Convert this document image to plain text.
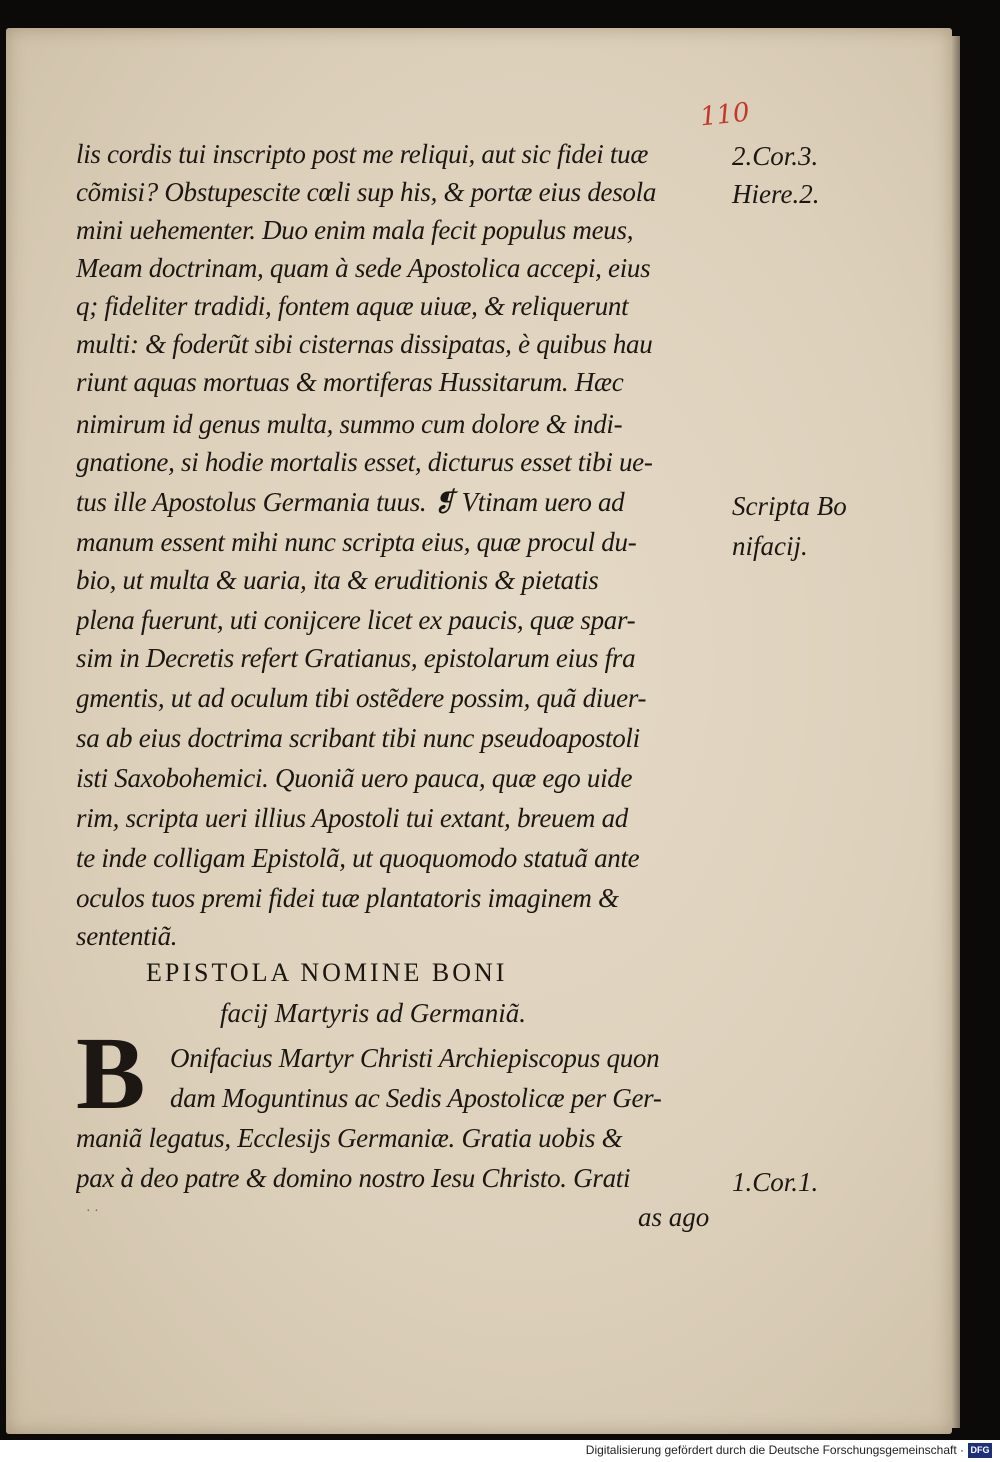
110
lis cordis tui inscripto post me reliqui, aut sic fidei tuæ
cõmisi? Obstupescite cœli sup his, & portæ eius desola
mini uehementer. Duo enim mala fecit populus meus,
Meam doctrinam, quam à sede Apostolica accepi, eius
q; fideliter tradidi, fontem aquæ uiuæ, & reliquerunt
multi: & foderũt sibi cisternas dissipatas, è quibus hau
riunt aquas mortuas & mortiferas Hussitarum. Hæc
nimirum id genus multa, summo cum dolore & indi-
gnatione, si hodie mortalis esset, dicturus esset tibi ue-
tus ille Apostolus Germania tuus. ❡ Vtinam uero ad
manum essent mihi nunc scripta eius, quæ procul du-
bio, ut multa & uaria, ita & eruditionis & pietatis
plena fuerunt, uti conijcere licet ex paucis, quæ spar-
sim in Decretis refert Gratianus, epistolarum eius fra
gmentis, ut ad oculum tibi ostẽdere possim, quã diuer-
sa ab eius doctrima scribant tibi nunc pseudoapostoli
isti Saxobohemici. Quoniã uero pauca, quæ ego uide
rim, scripta ueri illius Apostoli tui extant, breuem ad
te inde colligam Epistolã, ut quoquomodo statuã ante
oculos tuos premi fidei tuæ plantatoris imaginem &
sententiã.
EPISTOLA NOMINE BONI
facij Martyris ad Germaniã.
B Onifacius Martyr Christi Archiepiscopus quon
dam Moguntinus ac Sedis Apostolicæ per Ger-
maniã legatus, Ecclesijs Germaniæ. Gratia uobis &
pax à deo patre & domino nostro Iesu Christo. Grati
· ·	as ago
2.Cor.3.
Hiere.2.
Scripta Bo
nifacij.
1.Cor.1.
Digitalisierung gefördert durch die Deutsche Forschungsgemeinschaft · DFG
